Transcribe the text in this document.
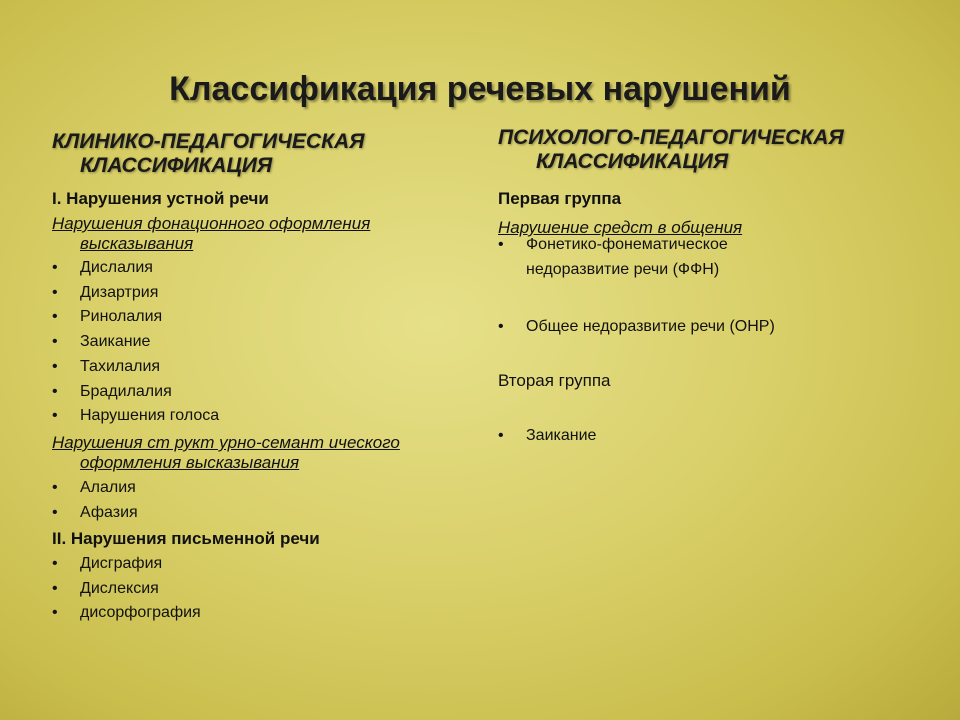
Классификация речевых нарушений
КЛИНИКО-ПЕДАГОГИЧЕСКАЯ
КЛАССИФИКАЦИЯ
I. Нарушения устной речи
Нарушения фонационного оформления
высказывания
• Дислалия
• Дизартрия
• Ринолалия
• Заикание
• Тахилалия
• Брадилалия
• Нарушения голоса
Нарушения ст рукт урно-семант ического
оформления высказывания
• Алалия
• Афазия
II. Нарушения письменной речи
• Дисграфия
• Дислексия
• дисорфография
ПСИХОЛОГО-ПЕДАГОГИЧЕСКАЯ
КЛАССИФИКАЦИЯ
Первая группа
Нарушение средст в общения
• Фонетико-фонематическое
недоразвитие речи (ФФН)
• Общее недоразвитие речи (ОНР)
Вторая группа
• Заикание
